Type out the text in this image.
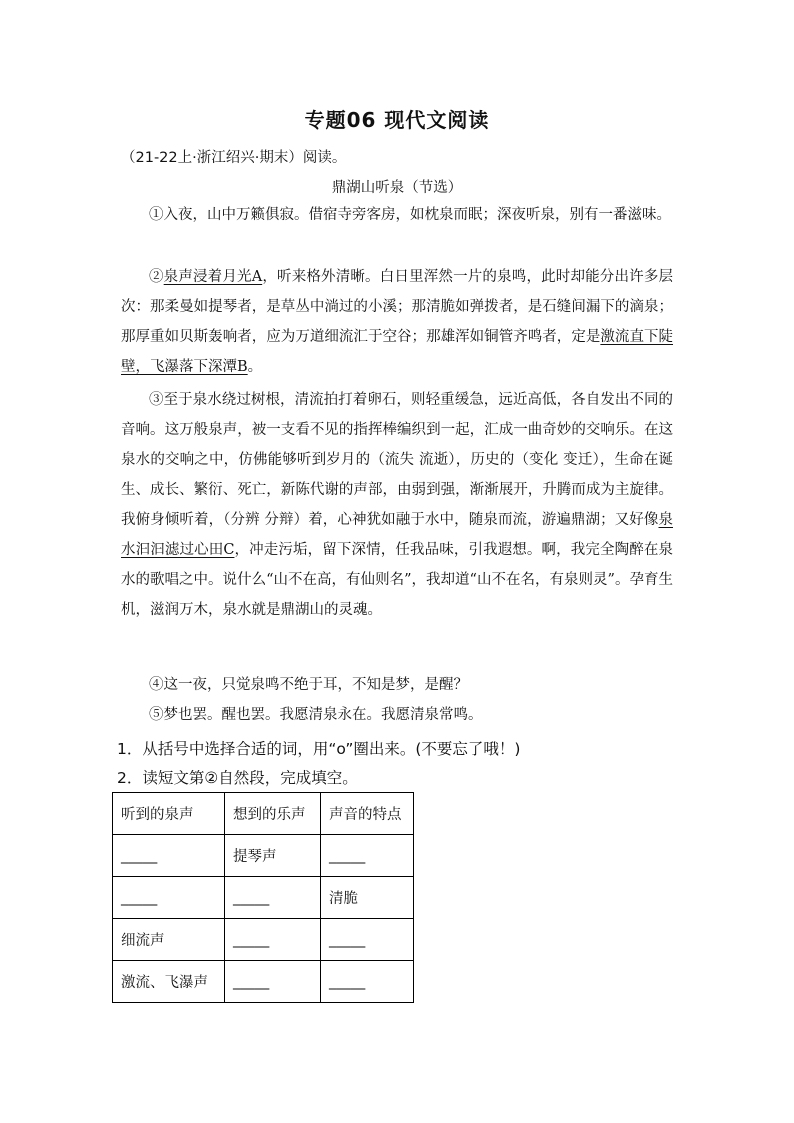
专题06 现代文阅读
（21-22上·浙江绍兴·期末）阅读。
鼎湖山听泉（节选）
①入夜，山中万籁俱寂。借宿寺旁客房，如枕泉而眠；深夜听泉，别有一番滋味。
②泉声浸着月光A，听来格外清晰。白日里浑然一片的泉鸣，此时却能分出许多层次：那柔曼如提琴者，是草丛中淌过的小溪；那清脆如弹拨者，是石缝间漏下的滴泉；那厚重如贝斯轰响者，应为万道细流汇于空谷；那雄浑如铜管齐鸣者，定是激流直下陡壁，飞瀑落下深潭B。
③至于泉水绕过树根，清流拍打着卵石，则轻重缓急，远近高低，各自发出不同的音响。这万般泉声，被一支看不见的指挥棒编织到一起，汇成一曲奇妙的交响乐。在这泉水的交响之中，仿佛能够听到岁月的（流失 流逝），历史的（变化 变迁），生命在诞生、成长、繁衍、死亡，新陈代谢的声部，由弱到强，渐渐展开，升腾而成为主旋律。我俯身倾听着，（分辨 分辩）着，心神犹如融于水中，随泉而流，游遍鼎湖；又好像泉水汩汩滤过心田C，冲走污垢，留下深情，任我品味，引我遐想。啊，我完全陶醉在泉水的歌唱之中。说什么“山不在高，有仙则名”，我却道“山不在名，有泉则灵”。孕育生机，滋润万木，泉水就是鼎湖山的灵魂。
④这一夜，只觉泉鸣不绝于耳，不知是梦，是醒？
⑤梦也罢。醒也罢。我愿清泉永在。我愿清泉常鸣。
1．从括号中选择合适的词，用“o”圈出来。(不要忘了哦！)
2．读短文第②自然段，完成填空。
听到的泉声	想到的乐声	声音的特点
_____	提琴声	_____
_____	_____	清脆
细流声	_____	_____
激流、飞瀑声	_____	_____
